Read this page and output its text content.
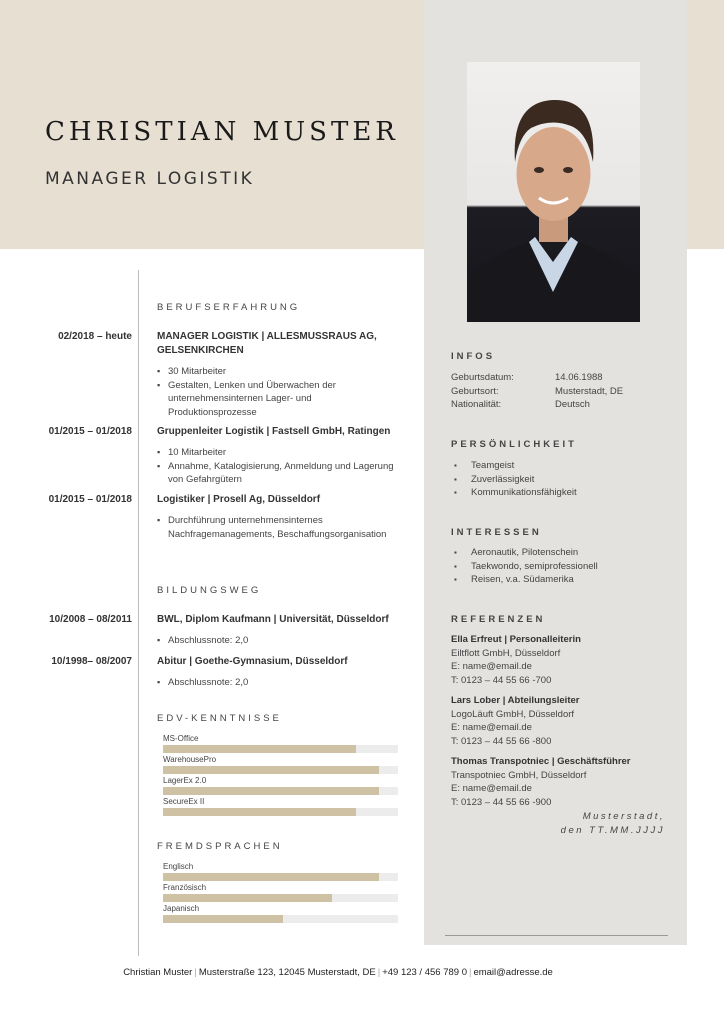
CHRISTIAN MUSTER
MANAGER LOGISTIK
BERUFSERFAHRUNG
02/2018 – heute	MANAGER LOGISTIK | ALLESMUSSRAUS AG, GELSENKIRCHEN
▪ 30 Mitarbeiter
▪ Gestalten, Lenken und Überwachen der unternehmensinternen Lager- und Produktionsprozesse
01/2015 – 01/2018	Gruppenleiter Logistik | Fastsell GmbH, Ratingen
▪ 10 Mitarbeiter
▪ Annahme, Katalogisierung, Anmeldung und Lagerung von Gefahrgütern
01/2015 – 01/2018	Logistiker | Prosell Ag, Düsseldorf
▪ Durchführung unternehmensinternes Nachfragemanagements, Beschaffungsorganisation
BILDUNGSWEG
10/2008 – 08/2011	BWL, Diplom Kaufmann | Universität, Düsseldorf
▪ Abschlussnote: 2,0
10/1998– 08/2007	Abitur | Goethe-Gymnasium, Düsseldorf
▪ Abschlussnote: 2,0
EDV-KENNTNISSE
MS-Office
WarehousePro
LagerEx 2.0
SecureEx II
FREMDSPRACHEN
Englisch
Französisch
Japanisch
INFOS
Geburtsdatum:	14.06.1988
Geburtsort:	Musterstadt, DE
Nationalität:	Deutsch
PERSÖNLICHKEIT
▪ Teamgeist
▪ Zuverlässigkeit
▪ Kommunikationsfähigkeit
INTERESSEN
▪ Aeronautik, Pilotenschein
▪ Taekwondo, semiprofessionell
▪ Reisen, v.a. Südamerika
REFERENZEN
Ella Erfreut | Personalleiterin
Eiltflott GmbH, Düsseldorf
E: name@email.de
T: 0123 – 44 55 66 -700
Lars Lober | Abteilungsleiter
LogoLäuft GmbH, Düsseldorf
E: name@email.de
T: 0123 – 44 55 66 -800
Thomas Transpotniec | Geschäftsführer
Transpotniec GmbH, Düsseldorf
E: name@email.de
T: 0123 – 44 55 66 -900
Musterstadt,
den TT.MM.JJJJ
Christian Muster | Musterstraße 123, 12045 Musterstadt, DE | +49 123 / 456 789 0 | email@adresse.de
